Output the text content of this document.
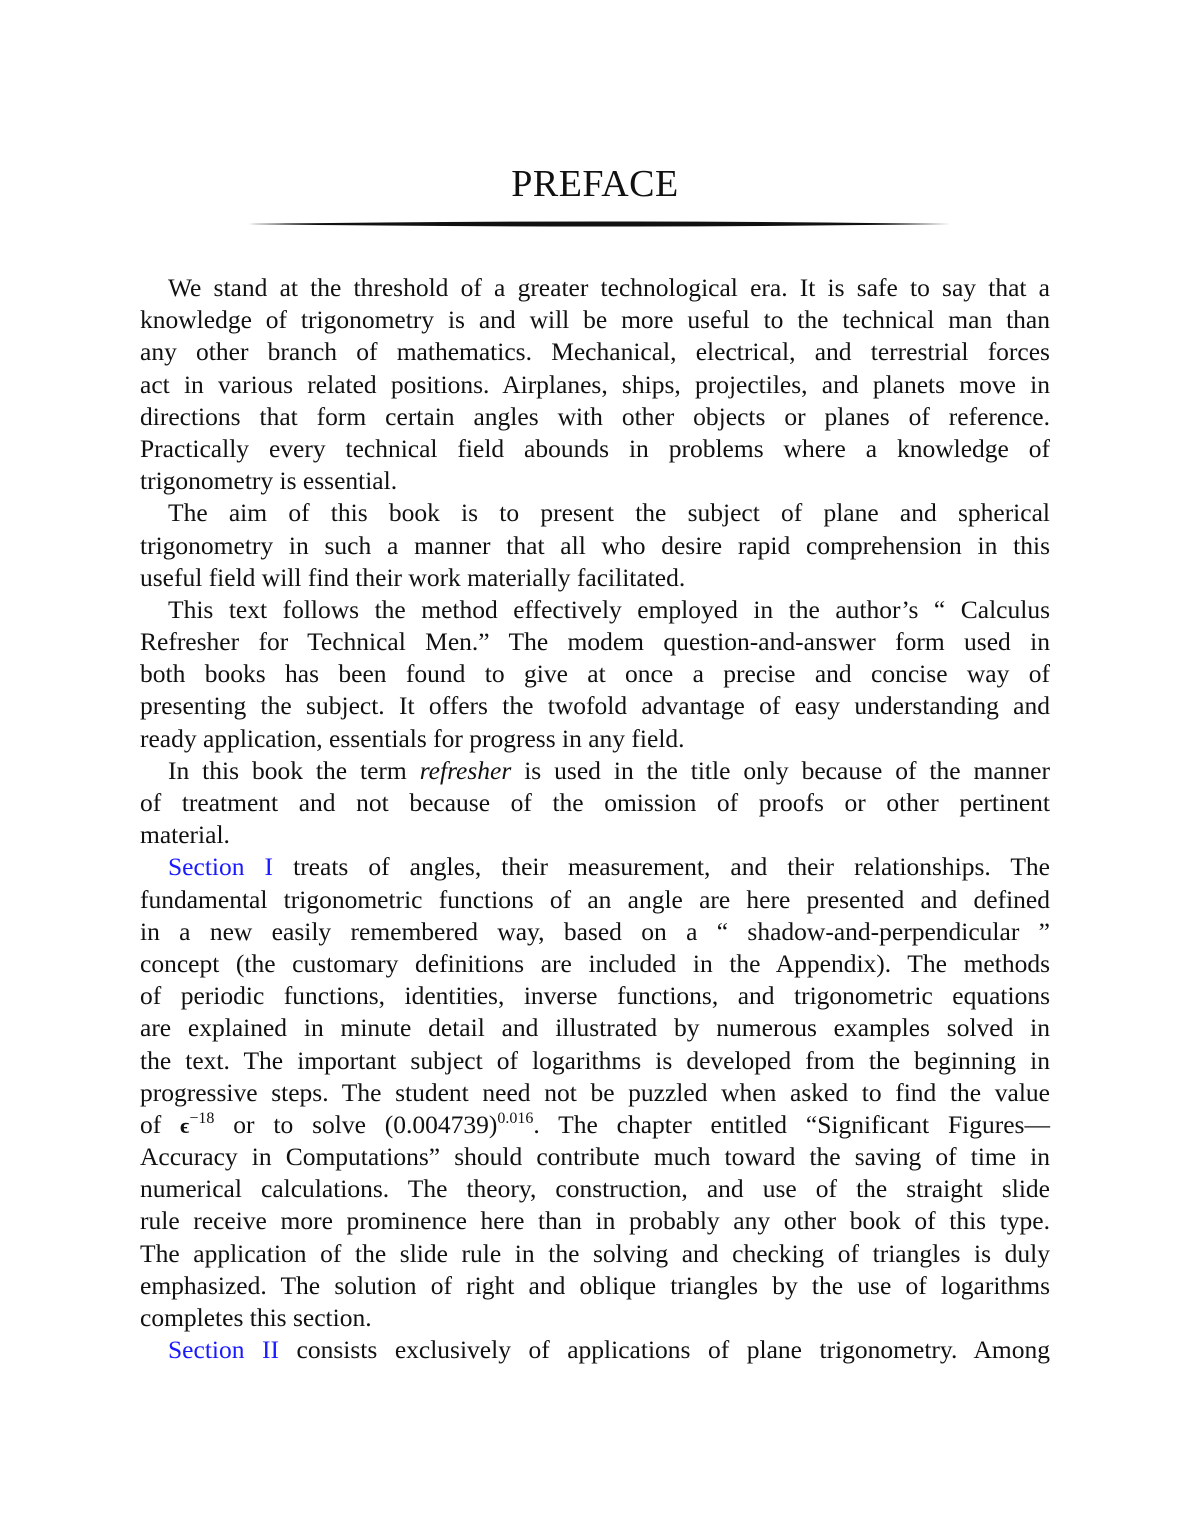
PREFACE
We stand at the threshold of a greater technological era. It is safe to say that a
knowledge of trigonometry is and will be more useful to the technical man than
any other branch of mathematics. Mechanical, electrical, and terrestrial forces
act in various related positions. Airplanes, ships, projectiles, and planets move in
directions that form certain angles with other objects or planes of reference.
Practically every technical field abounds in problems where a knowledge of
trigonometry is essential.
The aim of this book is to present the subject of plane and spherical
trigonometry in such a manner that all who desire rapid comprehension in this
useful field will find their work materially facilitated.
This text follows the method effectively employed in the author’s “ Calculus
Refresher for Technical Men.” The modem question-and-answer form used in
both books has been found to give at once a precise and concise way of
presenting the subject. It offers the twofold advantage of easy understanding and
ready application, essentials for progress in any field.
In this book the term refresher is used in the title only because of the manner
of treatment and not because of the omission of proofs or other pertinent
material.
Section I treats of angles, their measurement, and their relationships. The
fundamental trigonometric functions of an angle are here presented and defined
in a new easily remembered way, based on a “ shadow-and-perpendicular ”
concept (the customary definitions are included in the Appendix). The methods
of periodic functions, identities, inverse functions, and trigonometric equations
are explained in minute detail and illustrated by numerous examples solved in
the text. The important subject of logarithms is developed from the beginning in
progressive steps. The student need not be puzzled when asked to find the value
of $\epsilon^{-18}$ or to solve $(0.004739)^{0.016}$. The chapter entitled “Significant Figures—
Accuracy in Computations” should contribute much toward the saving of time in
numerical calculations. The theory, construction, and use of the straight slide
rule receive more prominence here than in probably any other book of this type.
The application of the slide rule in the solving and checking of triangles is duly
emphasized. The solution of right and oblique triangles by the use of logarithms
completes this section.
Section II consists exclusively of applications of plane trigonometry. Among
